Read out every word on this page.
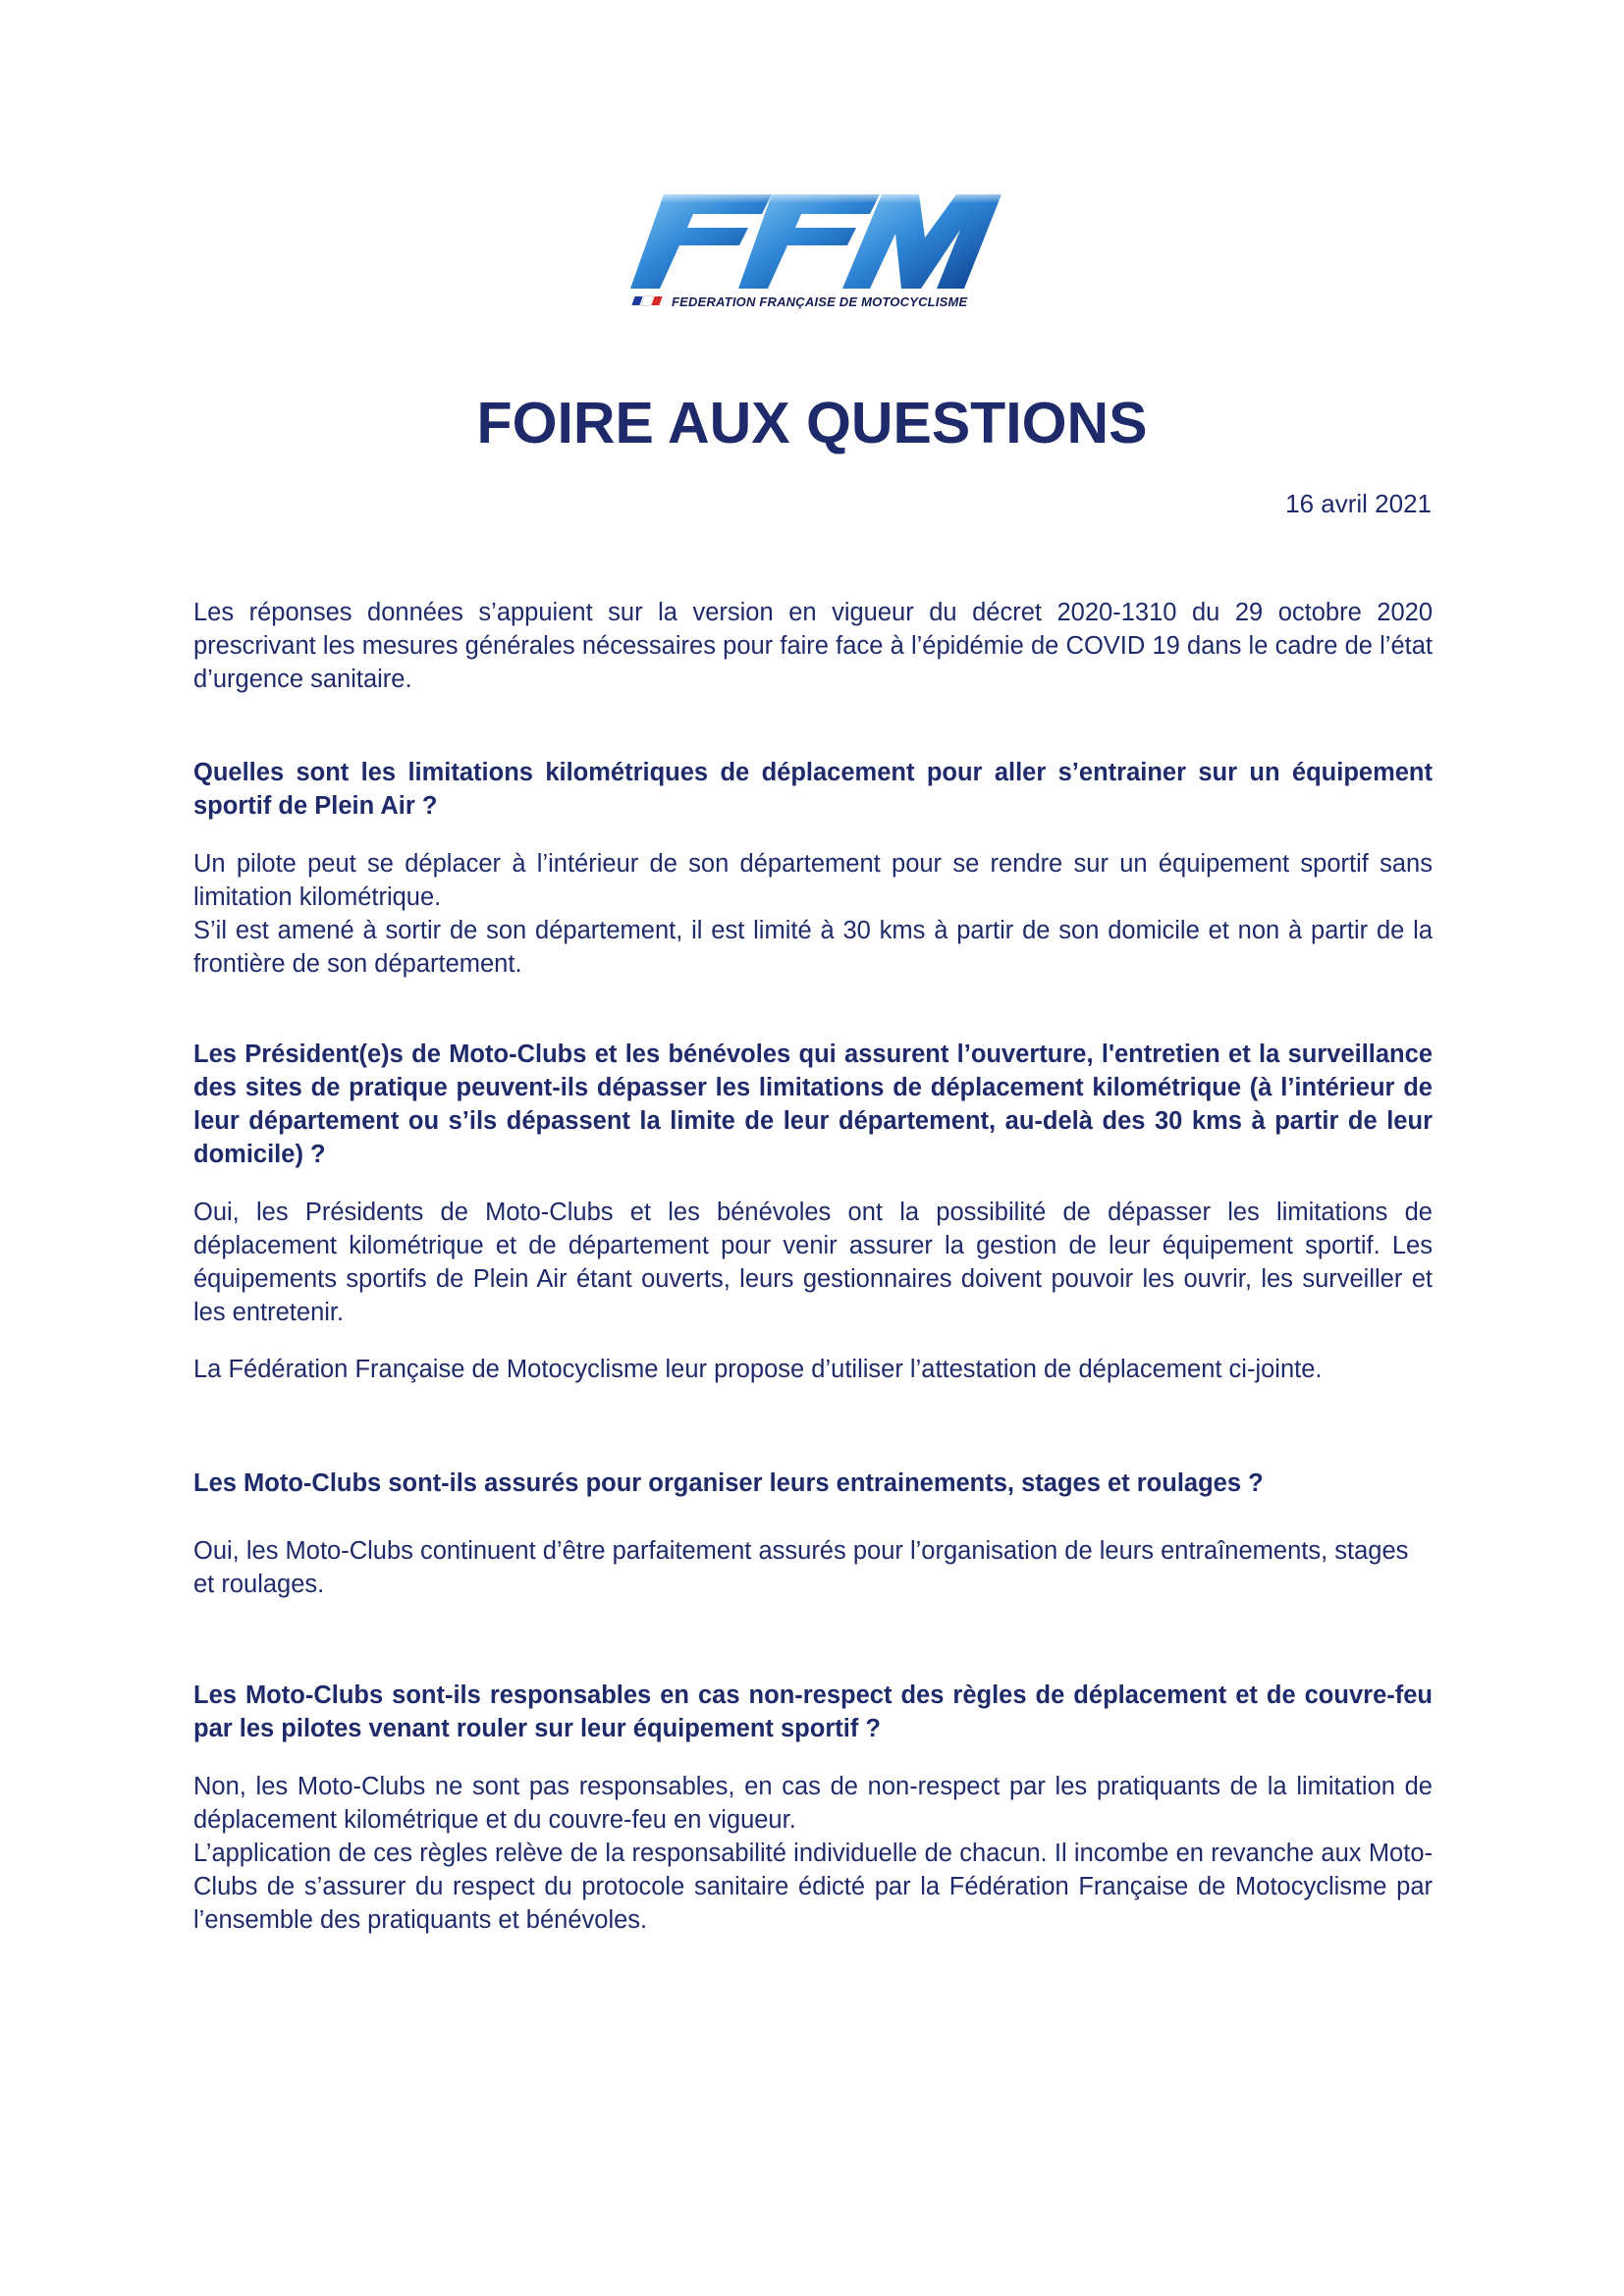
FEDERATION FRANÇAISE DE MOTOCYCLISME
FOIRE AUX QUESTIONS
16 avril 2021

Les réponses données s’appuient sur la version en vigueur du décret 2020-1310 du 29 octobre 2020 prescrivant les mesures générales nécessaires pour faire face à l’épidémie de COVID 19 dans le cadre de l’état d’urgence sanitaire.

Quelles sont les limitations kilométriques de déplacement pour aller s’entrainer sur un équipement sportif de Plein Air ?

Un pilote peut se déplacer à l’intérieur de son département pour se rendre sur un équipement sportif sans limitation kilométrique.

S’il est amené à sortir de son département, il est limité à 30 kms à partir de son domicile et non à partir de la frontière de son département.

Les Président(e)s de Moto-Clubs et les bénévoles qui assurent l’ouverture, l'entretien et la surveillance des sites de pratique peuvent-ils dépasser les limitations de déplacement kilométrique (à l’intérieur de leur département ou s’ils dépassent la limite de leur département, au-delà des 30 kms à partir de leur domicile) ?

Oui, les Présidents de Moto-Clubs et les bénévoles ont la possibilité de dépasser les limitations de déplacement kilométrique et de département pour venir assurer la gestion de leur équipement sportif. Les équipements sportifs de Plein Air étant ouverts, leurs gestionnaires doivent pouvoir les ouvrir, les surveiller et les entretenir.

La Fédération Française de Motocyclisme leur propose d’utiliser l’attestation de déplacement ci-jointe.

Les Moto-Clubs sont-ils assurés pour organiser leurs entrainements, stages et roulages ?

Oui, les Moto-Clubs continuent d’être parfaitement assurés pour l’organisation de leurs entraînements, stages et roulages.

Les Moto-Clubs sont-ils responsables en cas non-respect des règles de déplacement et de couvre-feu par les pilotes venant rouler sur leur équipement sportif ?

Non, les Moto-Clubs ne sont pas responsables, en cas de non-respect par les pratiquants de la limitation de déplacement kilométrique et du couvre-feu en vigueur.

L’application de ces règles relève de la responsabilité individuelle de chacun. Il incombe en revanche aux Moto-Clubs de s’assurer du respect du protocole sanitaire édicté par la Fédération Française de Motocyclisme par l’ensemble des pratiquants et bénévoles.
